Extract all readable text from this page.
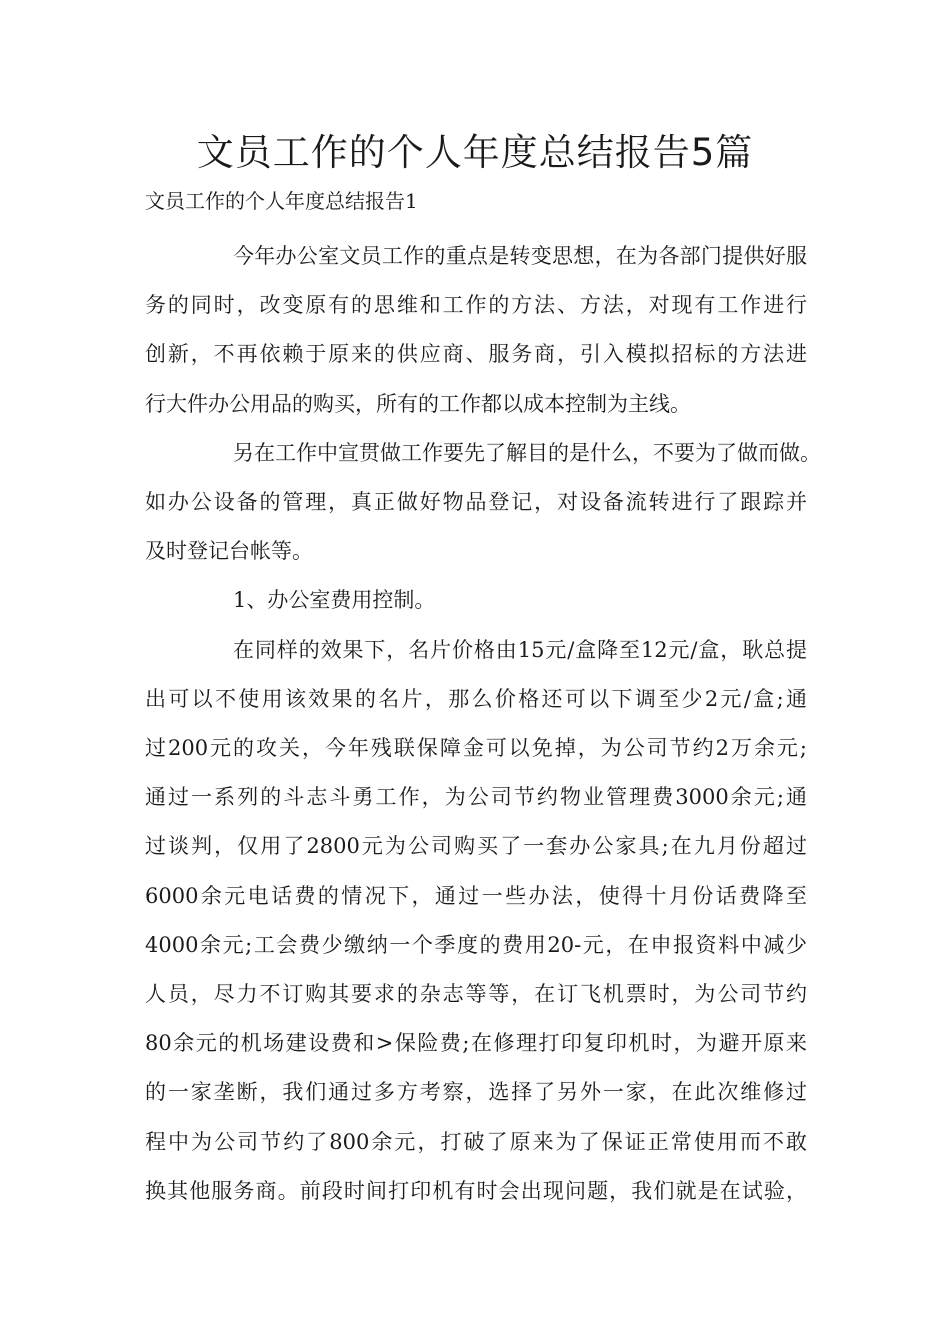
文员工作的个人年度总结报告5篇
文员工作的个人年度总结报告1
今年办公室文员工作的重点是转变思想，在为各部门提供好服
务的同时，改变原有的思维和工作的方法、方法，对现有工作进行
创新，不再依赖于原来的供应商、服务商，引入模拟招标的方法进
行大件办公用品的购买，所有的工作都以成本控制为主线。
另在工作中宣贯做工作要先了解目的是什么，不要为了做而做。
如办公设备的管理，真正做好物品登记，对设备流转进行了跟踪并
及时登记台帐等。
1、办公室费用控制。
在同样的效果下，名片价格由15元/盒降至12元/盒，耿总提
出可以不使用该效果的名片，那么价格还可以下调至少2元/盒;通
过200元的攻关，今年残联保障金可以免掉，为公司节约2万余元;
通过一系列的斗志斗勇工作，为公司节约物业管理费3000余元;通
过谈判，仅用了2800元为公司购买了一套办公家具;在九月份超过
6000余元电话费的情况下，通过一些办法，使得十月份话费降至
4000余元;工会费少缴纳一个季度的费用20-元，在申报资料中减少
人员，尽力不订购其要求的杂志等等，在订飞机票时，为公司节约
80余元的机场建设费和>保险费;在修理打印复印机时，为避开原来
的一家垄断，我们通过多方考察，选择了另外一家，在此次维修过
程中为公司节约了800余元，打破了原来为了保证正常使用而不敢
换其他服务商。前段时间打印机有时会出现问题，我们就是在试验，
